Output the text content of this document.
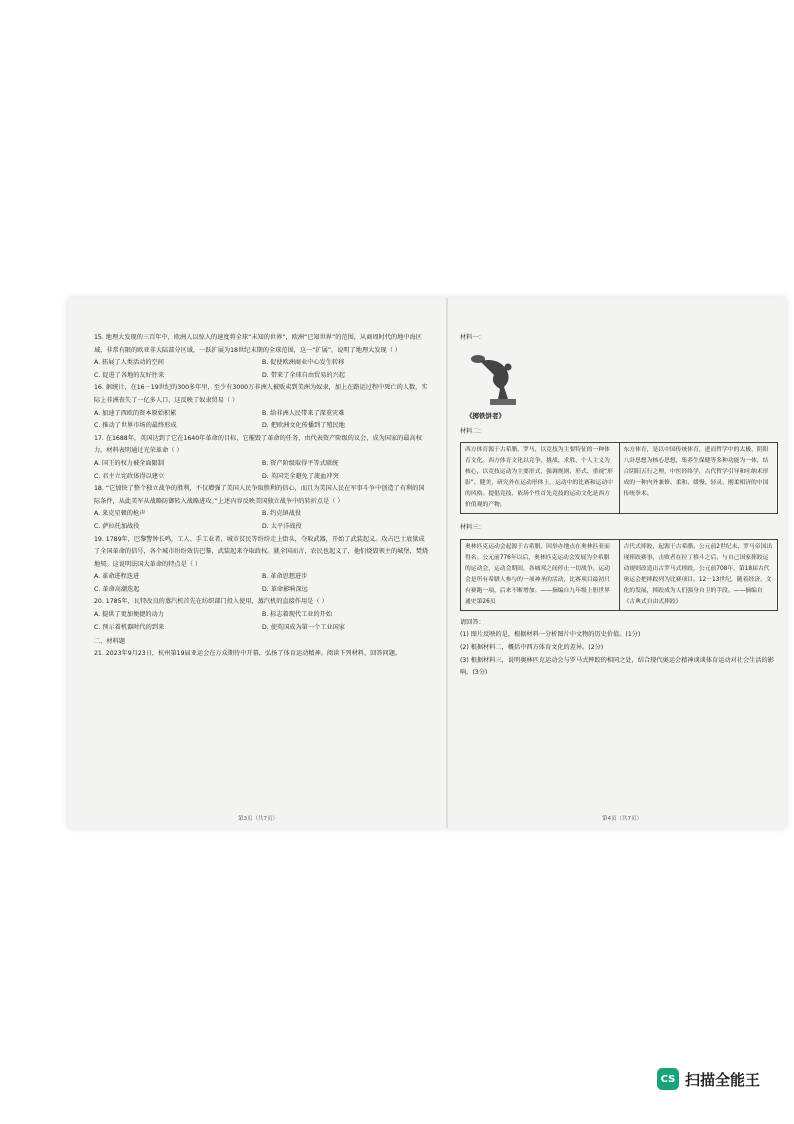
15. 地理大发现的三百年中，欧洲人以惊人的速度将全球“未知的世界”，欧洲“已知世界”的范围，从商周时代的地中海区域，非常有限的欧亚非大陆部分区域，一跃扩展为18世纪末期的全球范围，这一“扩展”，说明了地理大发现（ ）

A. 拓展了人类活动的空间	B. 促使欧洲商业中心发生转移
C. 促进了各地的友好往来	D. 带来了全球自由贸易的兴起

16. 据统计，在16－19世纪的300多年里，至少有3000万非洲人被贩卖到美洲为奴隶，加上在路运过程中死亡的人数，实际上非洲丧失了一亿多人口，这反映了奴隶贸易（ ）

A. 加速了西欧的资本原始积累	B. 给非洲人民带来了深重灾难
C. 推动了世界市场的最终形成	D. 把欧洲文化传播到了殖民地

17. 在1688年，英国达到了它在1640年革命的目标，它摧毁了革命的任务，由代表资产阶级的议会，成为国家的最高权力，材料表明通过光荣革命（ ）

A. 国王的权力被全面限制	B. 资产阶级取得平等式联统
C. 君主立宪政体得以建立	D. 英国完全避免了流血冲突

18. “它加快了整个独立战争的胜利，不仅增强了美国人民争取胜利的信心，而且为美国人民在军事斗争中创造了有利的国际条件，从此美军从战略防御转入战略进攻。”上述内容反映美国独立战争中的转折点是（ ）

A. 来克星顿的枪声	B. 约克镇战役
C. 萨拉托加战役	D. 太平洋战役

19. 1789年，巴黎警钟长鸣，工人、手工业者、城市贫民等纷纷走上街头，夺取武器，开始了武装起义。攻占巴士底狱成了全国革命的信号，各个城市纷纷效仿巴黎，武装起来夺取政权。就全国而言，农民也起义了，他们烧毁领主的城堡，焚烧地契。这说明法国大革命的特点是（ ）

A. 革命进程迭进	B. 革命思想进步
C. 革命高潮迭起	D. 革命影响深远

20. 1785年，瓦特改良的蒸汽机首先在纺织部门投入使用，蒸汽机的直接作用是（ ）

A. 提供了更加便捷的动力	B. 标志着现代工业的开始
C. 预示着机器时代的到来	D. 使英国成为第一个工业国家
二、材料题

21. 2023年9月23日，杭州第19届亚运会在万众期待中开幕，弘扬了体育运动精神。阅读下列材料，回答问题。

第3页（共7页）
材料一：
《掷铁饼者》
材料二：
西方体育源于古希腊、罗马，以竞技为主要特征的一种体育文化。西方体育文化以竞争、挑战、求胜、个人主义为核心，以竞技运动为主要形式，强调规则、形式、重视“形影”、健美，研究外在运动形体上，运动中的比赛和运动中的风格。提倡竞技，依场个性首先竞技的运动文化是西方价值观的产物。
东方体育，是以中国传统体育，进而哲学中的太极、阴阳八卦思想为核心思想，集养生保健等多种功能为一体，结合阴阳五行之理，中医经络学，古代哲学引导和吐纳术形成的一种内外兼修、柔和、缓慢、轻灵、刚柔相济的中国传统拳术。
材料三：
奥林匹克运动会起源于古希腊，因举办地点在奥林匹亚而得名。公元前776年以后，奥林匹克运动会发展为全希腊的运动会，运动会期间，各城邦之间停止一切战争。运动会是所有希腊人参与的一项神圣的活动，比赛项目最初只有赛跑一项，后来不断增加。——摘编自九年级上册世界通史第26页
古代式摔跤，起源于古希腊。公元前2世纪末，罗马帝国出现摔跤赛事，击败者在拉丁格斗之后，与自己国家摔跤运动规则改造出古罗马式摔跤，公元前708年，第18届古代奥运会把摔跤列为比赛项目。12－13世纪，随着经济、文化的发展，摔跤成为人们强身自卫的手段。——摘编自《古典式自由式摔跤》
请回答：
(1) 图片反映的是，根据材料一分析图片中文物的历史价值。(1分)
(2) 根据材料二，概括中西方体育文化的差异。(2分)
(3) 根据材料三，说明奥林匹克运动会与罗马式摔跤的相同之处，结合现代奥运会精神谈谈体育运动对社会生活的影响。(3分)
第4页（共7页）
CS 扫描全能王
